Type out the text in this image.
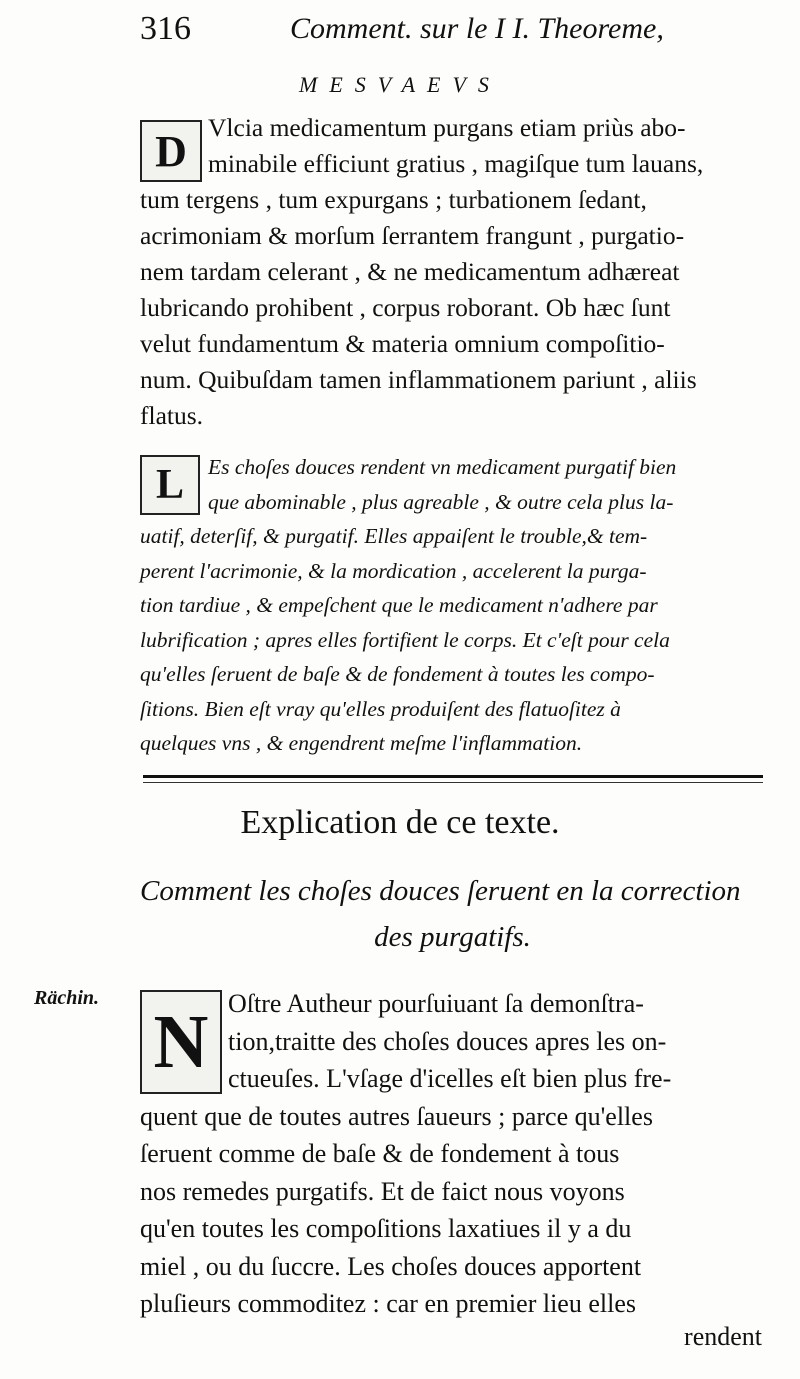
316	Comment. sur le I I. Theoreme,
MESVAEVS
D Vlcia medicamentum purgans etiam priùs abo-
minabile efficiunt gratius , magiſque tum lauans,
tum tergens , tum expurgans ; turbationem ſedant,
acrimoniam & morſum ſerrantem frangunt , purgatio-
nem tardam celerant , & ne medicamentum adhæreat
lubricando prohibent , corpus roborant. Ob hæc ſunt
velut fundamentum & materia omnium compoſitio-
num. Quibuſdam tamen inflammationem pariunt , aliis
flatus.
L	Es choſes douces rendent vn medicament purgatif bien
que abominable , plus agreable , & outre cela plus la-
uatif, deterſif, & purgatif. Elles appaiſent le trouble,& tem-
perent l'acrimonie, & la mordication , accelerent la purga-
tion tardiue , & empeſchent que le medicament n'adhere par
lubrification ; apres elles fortifient le corps. Et c'eſt pour cela
qu'elles ſeruent de baſe & de fondement à toutes les compo-
ſitions. Bien eſt vray qu'elles produiſent des flatuoſitez à
quelques vns , & engendrent meſme l'inflammation.
Explication de ce texte.
Comment les choſes douces ſeruent en la correction
des purgatifs.
Rächin.
N Oſtre Autheur pourſuiuant ſa demonſtra-
tion,traitte des choſes douces apres les on-
ctueuſes. L'vſage d'icelles eſt bien plus fre-
quent que de toutes autres ſaueurs ; parce qu'elles
ſeruent comme de baſe & de fondement à tous
nos remedes purgatifs. Et de faict nous voyons
qu'en toutes les compoſitions laxatiues il y a du
miel , ou du ſuccre. Les choſes douces apportent
pluſieurs commoditez : car en premier lieu elles
rendent
